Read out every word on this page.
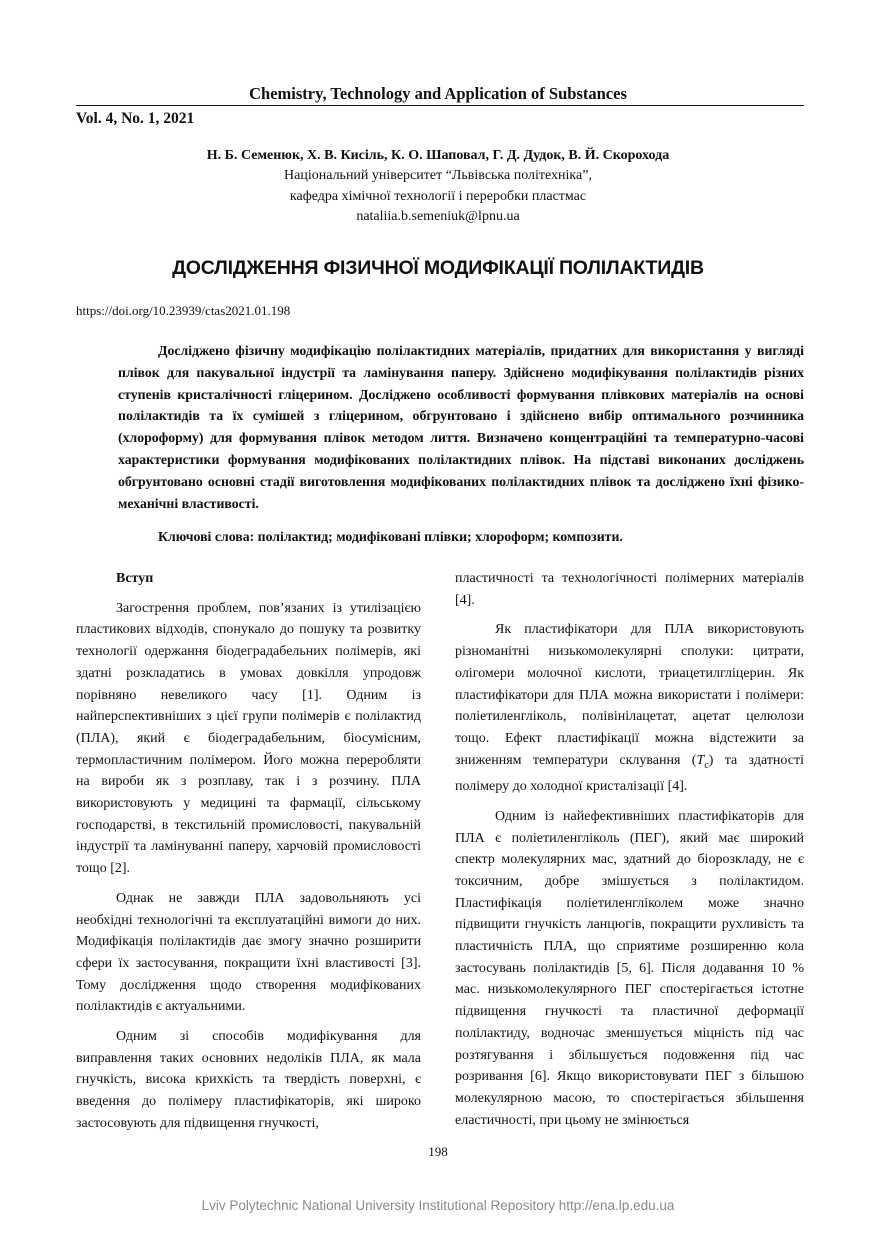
Chemistry, Technology and Application of Substances
Vol. 4, No. 1, 2021
Н. Б. Семенюк, Х. В. Кисіль, К. О. Шаповал, Г. Д. Дудок, В. Й. Скорохода
Національний університет “Львівська політехніка”,
кафедра хімічної технології і переробки пластмас
nataliia.b.semeniuk@lpnu.ua
ДОСЛІДЖЕННЯ ФІЗИЧНОЇ МОДИФІКАЦІЇ ПОЛІЛАКТИДІВ
https://doi.org/10.23939/ctas2021.01.198

Досліджено фізичну модифікацію полілактидних матеріалів, придатних для використання у вигляді плівок для пакувальної індустрії та ламінування паперу. Здійснено модифікування полілактидів різних ступенів кристалічності гліцерином. Досліджено особливості формування плівкових матеріалів на основі полілактидів та їх сумішей з гліцерином, обгрунтовано і здійснено вибір оптимального розчинника (хлороформу) для формування плівок методом лиття. Визначено концентраційні та температурно-часові характеристики формування модифікованих полілактидних плівок. На підставі виконаних досліджень обгрунтовано основні стадії виготовлення модифікованих полілактидних плівок та досліджено їхні фізико-механічні властивості.

Ключові слова: полілактид; модифіковані плівки; хлороформ; композити.

Вступ

Загострення проблем, пов’язаних із утилізацією пластикових відходів, спонукало до пошуку та розвитку технології одержання біодеградабельних полімерів, які здатні розкладатись в умовах довкілля упродовж порівняно невеликого часу [1]. Одним із найперспективніших з цієї групи полімерів є полілактид (ПЛА), який є біодеградабельним, біосумісним, термопластичним полімером. Його можна переробляти на вироби як з розплаву, так і з розчину. ПЛА використовують у медицині та фармації, сільському господарстві, в текстильній промисловості, пакувальній індустрії та ламінуванні паперу, харчовій промисловості тощо [2].

Однак не завжди ПЛА задовольняють усі необхідні технологічні та експлуатаційні вимоги до них. Модифікація полілактидів дає змогу значно розширити сфери їх застосування, покращити їхні властивості [3]. Тому дослідження щодо створення модифікованих полілактидів є актуальними.

Одним зі способів модифікування для виправлення таких основних недоліків ПЛА, як мала гнучкість, висока крихкість та твердість поверхні, є введення до полімеру пластифікаторів, які широко застосовують для підвищення гнучкості,

пластичності та технологічності полімерних матеріалів [4].

Як пластифікатори для ПЛА використовують різноманітні низькомолекулярні сполуки: цитрати, олігомери молочної кислоти, триацетилгліцерин. Як пластифікатори для ПЛА можна використати і полімери: поліетиленгліколь, полівінілацетат, ацетат целюлози тощо. Ефект пластифікації можна відстежити за зниженням температури склування $(T_c)$ та здатності полімеру до холодної кристалізації [4].

Одним із найефективніших пластифікаторів для ПЛА є поліетиленгліколь (ПЕГ), який має широкий спектр молекулярних мас, здатний до біорозкладу, не є токсичним, добре змішується з полілактидом. Пластифікація поліетиленгліколем може значно підвищити гнучкість ланцюгів, покращити рухливість та пластичність ПЛА, що сприятиме розширенню кола застосувань полілактидів [5, 6]. Після додавання 10 % мас. низькомолекулярного ПЕГ спостерігається істотне підвищення гнучкості та пластичної деформації полілактиду, водночас зменшується міцність під час розтягування і збільшується подовження під час розривання [6]. Якщо використовувати ПЕГ з більшою молекулярною масою, то спостерігається збільшення еластичності, при цьому не змінюється

198
Lviv Polytechnic National University Institutional Repository http://ena.lp.edu.ua
